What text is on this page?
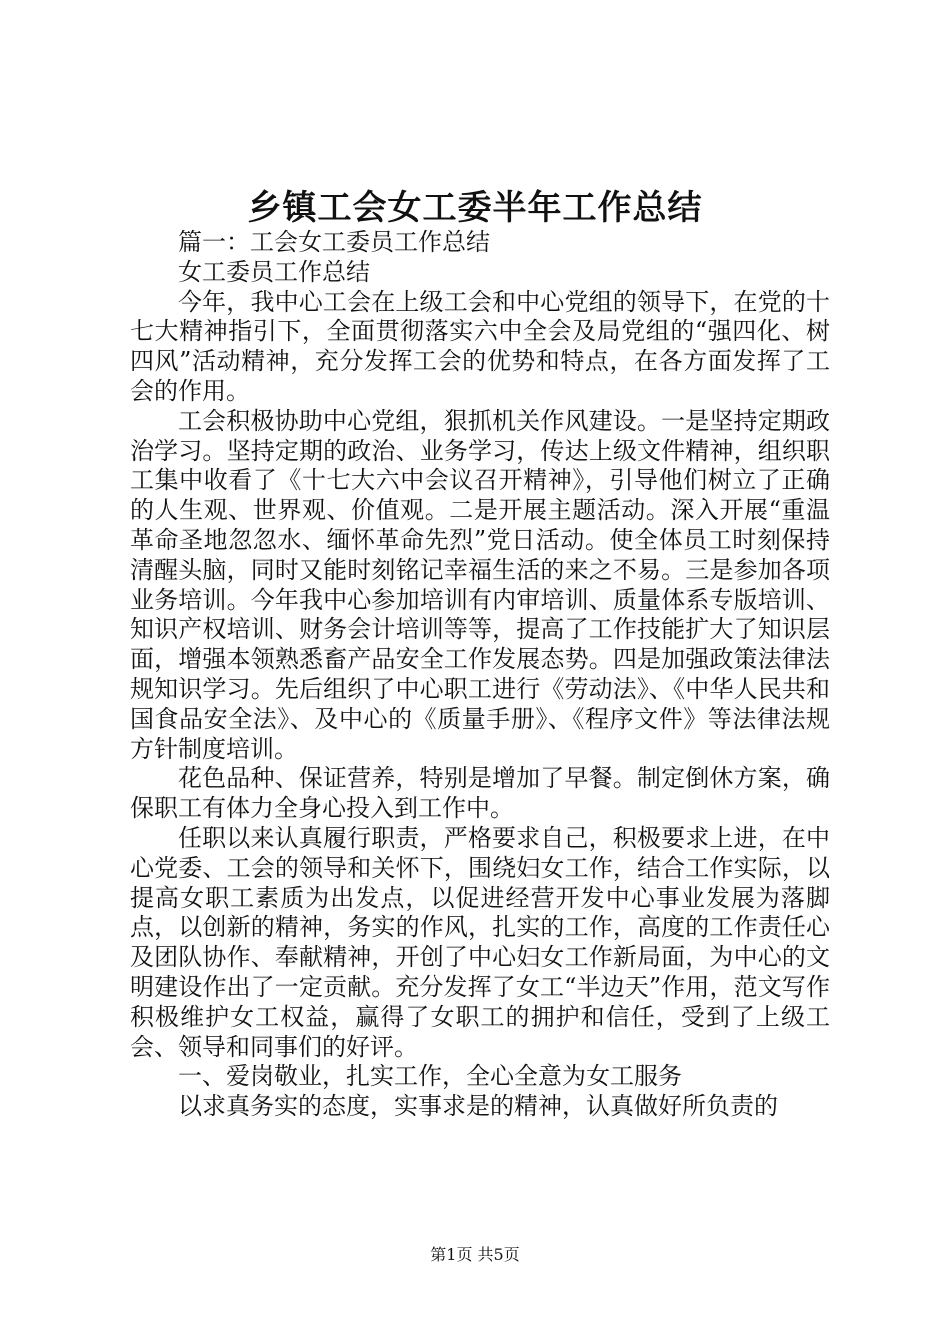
乡镇工会女工委半年工作总结

篇一：工会女工委员工作总结

女工委员工作总结

今年，我中心工会在上级工会和中心党组的领导下，在党的十七大精神指引下，全面贯彻落实六中全会及局党组的“强四化、树四风”活动精神，充分发挥工会的优势和特点，在各方面发挥了工会的作用。

工会积极协助中心党组，狠抓机关作风建设。一是坚持定期政治学习。坚持定期的政治、业务学习，传达上级文件精神，组织职工集中收看了《十七大六中会议召开精神》，引导他们树立了正确的人生观、世界观、价值观。二是开展主题活动。深入开展“重温革命圣地忽忽水、缅怀革命先烈”党日活动。使全体员工时刻保持清醒头脑，同时又能时刻铭记幸福生活的来之不易。三是参加各项业务培训。今年我中心参加培训有内审培训、质量体系专版培训、知识产权培训、财务会计培训等等，提高了工作技能扩大了知识层面，增强本领熟悉畜产品安全工作发展态势。四是加强政策法律法规知识学习。先后组织了中心职工进行《劳动法》、《中华人民共和国食品安全法》、及中心的《质量手册》、《程序文件》等法律法规方针制度培训。

花色品种、保证营养，特别是增加了早餐。制定倒休方案，确保职工有体力全身心投入到工作中。

任职以来认真履行职责，严格要求自己，积极要求上进，在中心党委、工会的领导和关怀下，围绕妇女工作，结合工作实际，以提高女职工素质为出发点，以促进经营开发中心事业发展为落脚点，以创新的精神，务实的作风，扎实的工作，高度的工作责任心及团队协作、奉献精神，开创了中心妇女工作新局面，为中心的文明建设作出了一定贡献。充分发挥了女工“半边天”作用，范文写作积极维护女工权益，赢得了女职工的拥护和信任，受到了上级工会、领导和同事们的好评。

一、爱岗敬业，扎实工作，全心全意为女工服务

以求真务实的态度，实事求是的精神，认真做好所负责的

第1页 共5页
